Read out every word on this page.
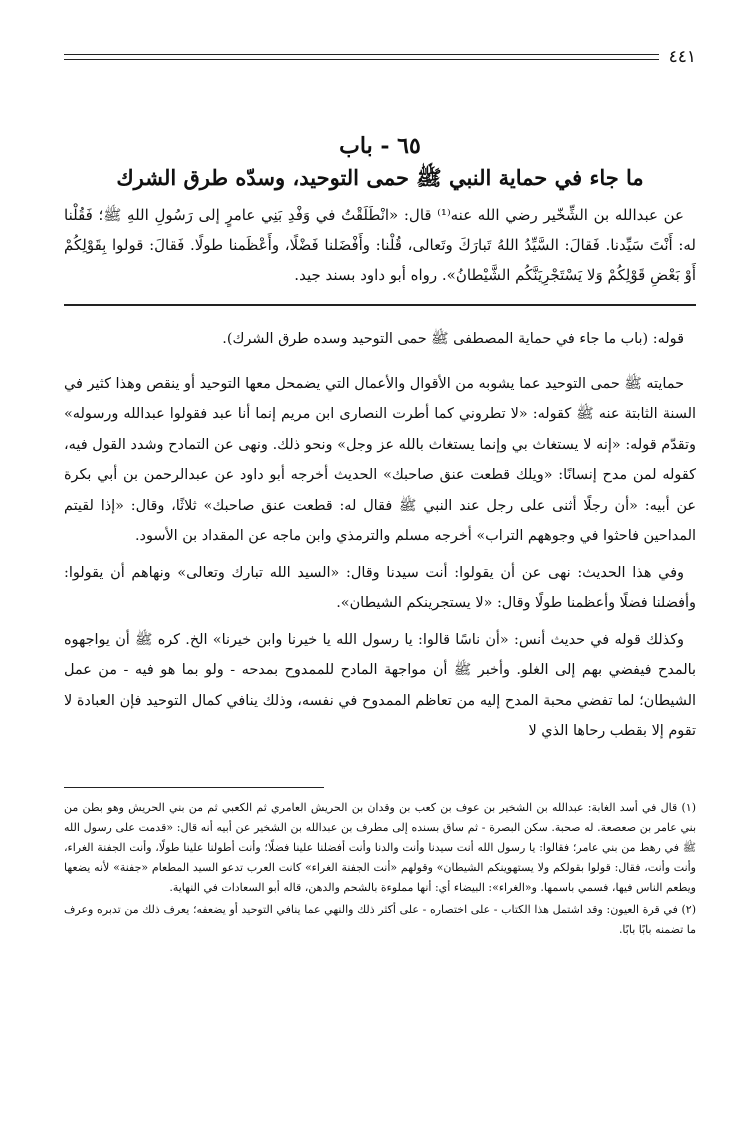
٤٤١
٦٥ - باب
ما جاء في حماية النبي ﷺ حمى التوحيد، وسدّه طرق الشرك
عن عبدالله بن الشِّخّير رضي الله عنه⁽¹⁾ قال: «انْطَلَقْتُ في وَفْدِ بَنِي عامرٍ إلى رَسُولِ اللهِ ﷺ؛ فَقُلْنا له: أَنْتَ سَيِّدنا. فَقالَ: السَّيِّدُ اللهُ تَبارَكَ وتَعالى، قُلْنا: وأَفْضَلنا فَضْلًا، وأَعْظَمنا طولًا. فَقالَ: قولوا بِقَوْلِكُمْ أَوْ بَعْضِ قَوْلِكُمْ وَلا يَسْتَجْرِيَنَّكُم الشَّيْطانُ». رواه أبو داود بسند جيد.

قوله: (باب ما جاء في حماية المصطفى ﷺ حمى التوحيد وسده طرق الشرك).

حمايته ﷺ حمى التوحيد عما يشوبه من الأقوال والأعمال التي يضمحل معها التوحيد أو ينقص وهذا كثير في السنة الثابتة عنه ﷺ كقوله: «لا تطروني كما أطرت النصارى ابن مريم إنما أنا عبد فقولوا عبدالله ورسوله» وتقدّم قوله: «إنه لا يستغاث بي وإنما يستغاث بالله عز وجل» ونحو ذلك. ونهى عن التمادح وشدد القول فيه، كقوله لمن مدح إنسانًا: «ويلك قطعت عنق صاحبك» الحديث أخرجه أبو داود عن عبدالرحمن بن أبي بكرة عن أبيه: «أن رجلًا أثنى على رجل عند النبي ﷺ فقال له: قطعت عنق صاحبك» ثلاثًا، وقال: «إذا لقيتم المداحين فاحثوا في وجوههم التراب» أخرجه مسلم والترمذي وابن ماجه عن المقداد بن الأسود.

وفي هذا الحديث: نهى عن أن يقولوا: أنت سيدنا وقال: «السيد الله تبارك وتعالى» ونهاهم أن يقولوا: وأفضلنا فضلًا وأعظمنا طولًا وقال: «لا يستجرينكم الشيطان».

وكذلك قوله في حديث أنس: «أن ناسًا قالوا: يا رسول الله يا خيرنا وابن خيرنا» الخ. كره ﷺ أن يواجهوه بالمدح فيفضي بهم إلى الغلو. وأخبر ﷺ أن مواجهة المادح للممدوح بمدحه - ولو بما هو فيه - من عمل الشيطان؛ لما تفضي محبة المدح إليه من تعاظم الممدوح في نفسه، وذلك ينافي كمال التوحيد فإن العبادة لا تقوم إلا بقطب رحاها الذي لا

(١) قال في أسد الغابة: عبدالله بن الشخير بن عوف بن كعب بن وقدان بن الحريش العامري ثم الكعبي ثم من بني الحريش وهو بطن من بني عامر بن صعصعة. له صحبة. سكن البصرة - ثم ساق بسنده إلى مطرف بن عبدالله بن الشخير عن أبيه أنه قال: «قدمت على رسول الله ﷺ في رهط من بني عامر؛ فقالوا: يا رسول الله أنت سيدنا وأنت والدنا وأنت أفضلنا علينا فضلًا؛ وأنت أطولنا علينا طولًا، وأنت الجفنة الغراء، وأنت وأنت، فقال: قولوا بقولكم ولا يستهوينكم الشيطان» وقولهم «أنت الجفنة الغراء» كانت العرب تدعو السيد المطعام «جفنة» لأنه يضعها ويطعم الناس فيها، فسمي باسمها. و«الغراء»: البيضاء أي: أنها مملوءة بالشحم والدهن، قاله أبو السعادات في النهاية.

(٢) في قرة العيون: وقد اشتمل هذا الكتاب - على اختصاره - على أكثر ذلك والنهي عما ينافي التوحيد أو يضعفه؛ يعرف ذلك من تدبره وعرف ما تضمنه بابًا بابًا.
